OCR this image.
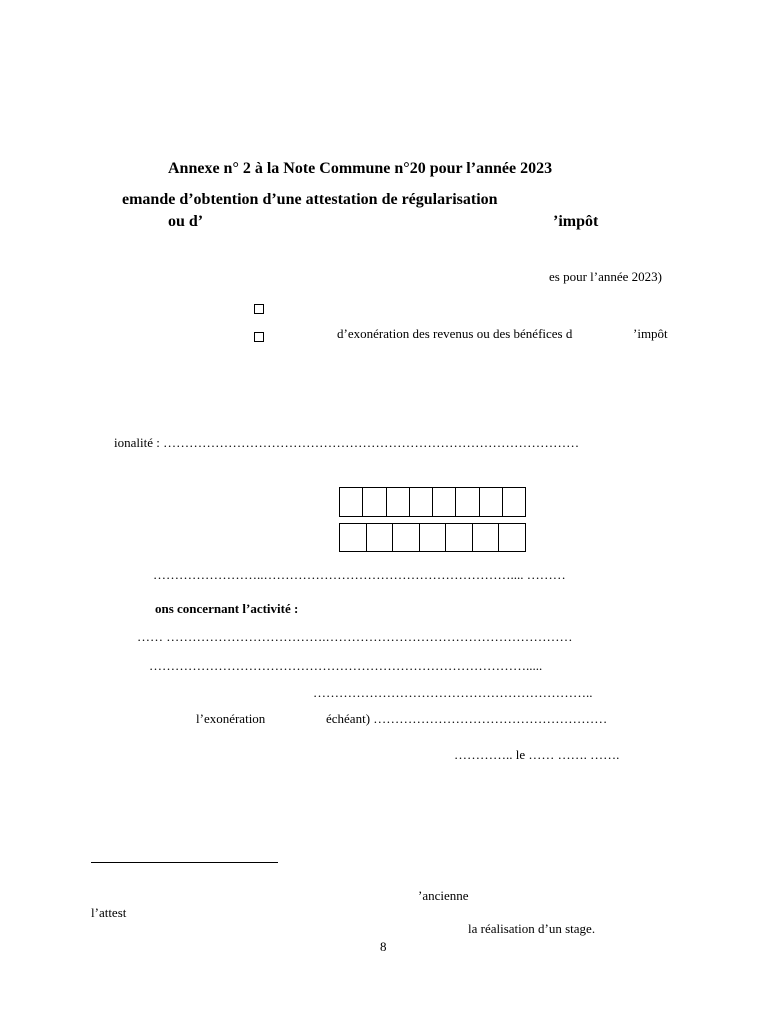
Annexe n° 2 à la Note Commune n°20 pour l’année 2023
emande d’obtention d’une attestation de régularisation
ou d’	’impôt
es pour l’année 2023)
d’exonération des revenus ou des bénéfices d	’impôt
ionalité : ……………………………………………………………………………………
……………………..………………………………………………….... ………
ons concernant l’activité :
…… ……………………………….…………………………………………………
…………………………………………………………………………….....
………………………………………………………..
l’exonération	échéant) ………………………………………………
………….. le …… ……. …….
’ancienne
l’attest
la réalisation d’un stage.
8
